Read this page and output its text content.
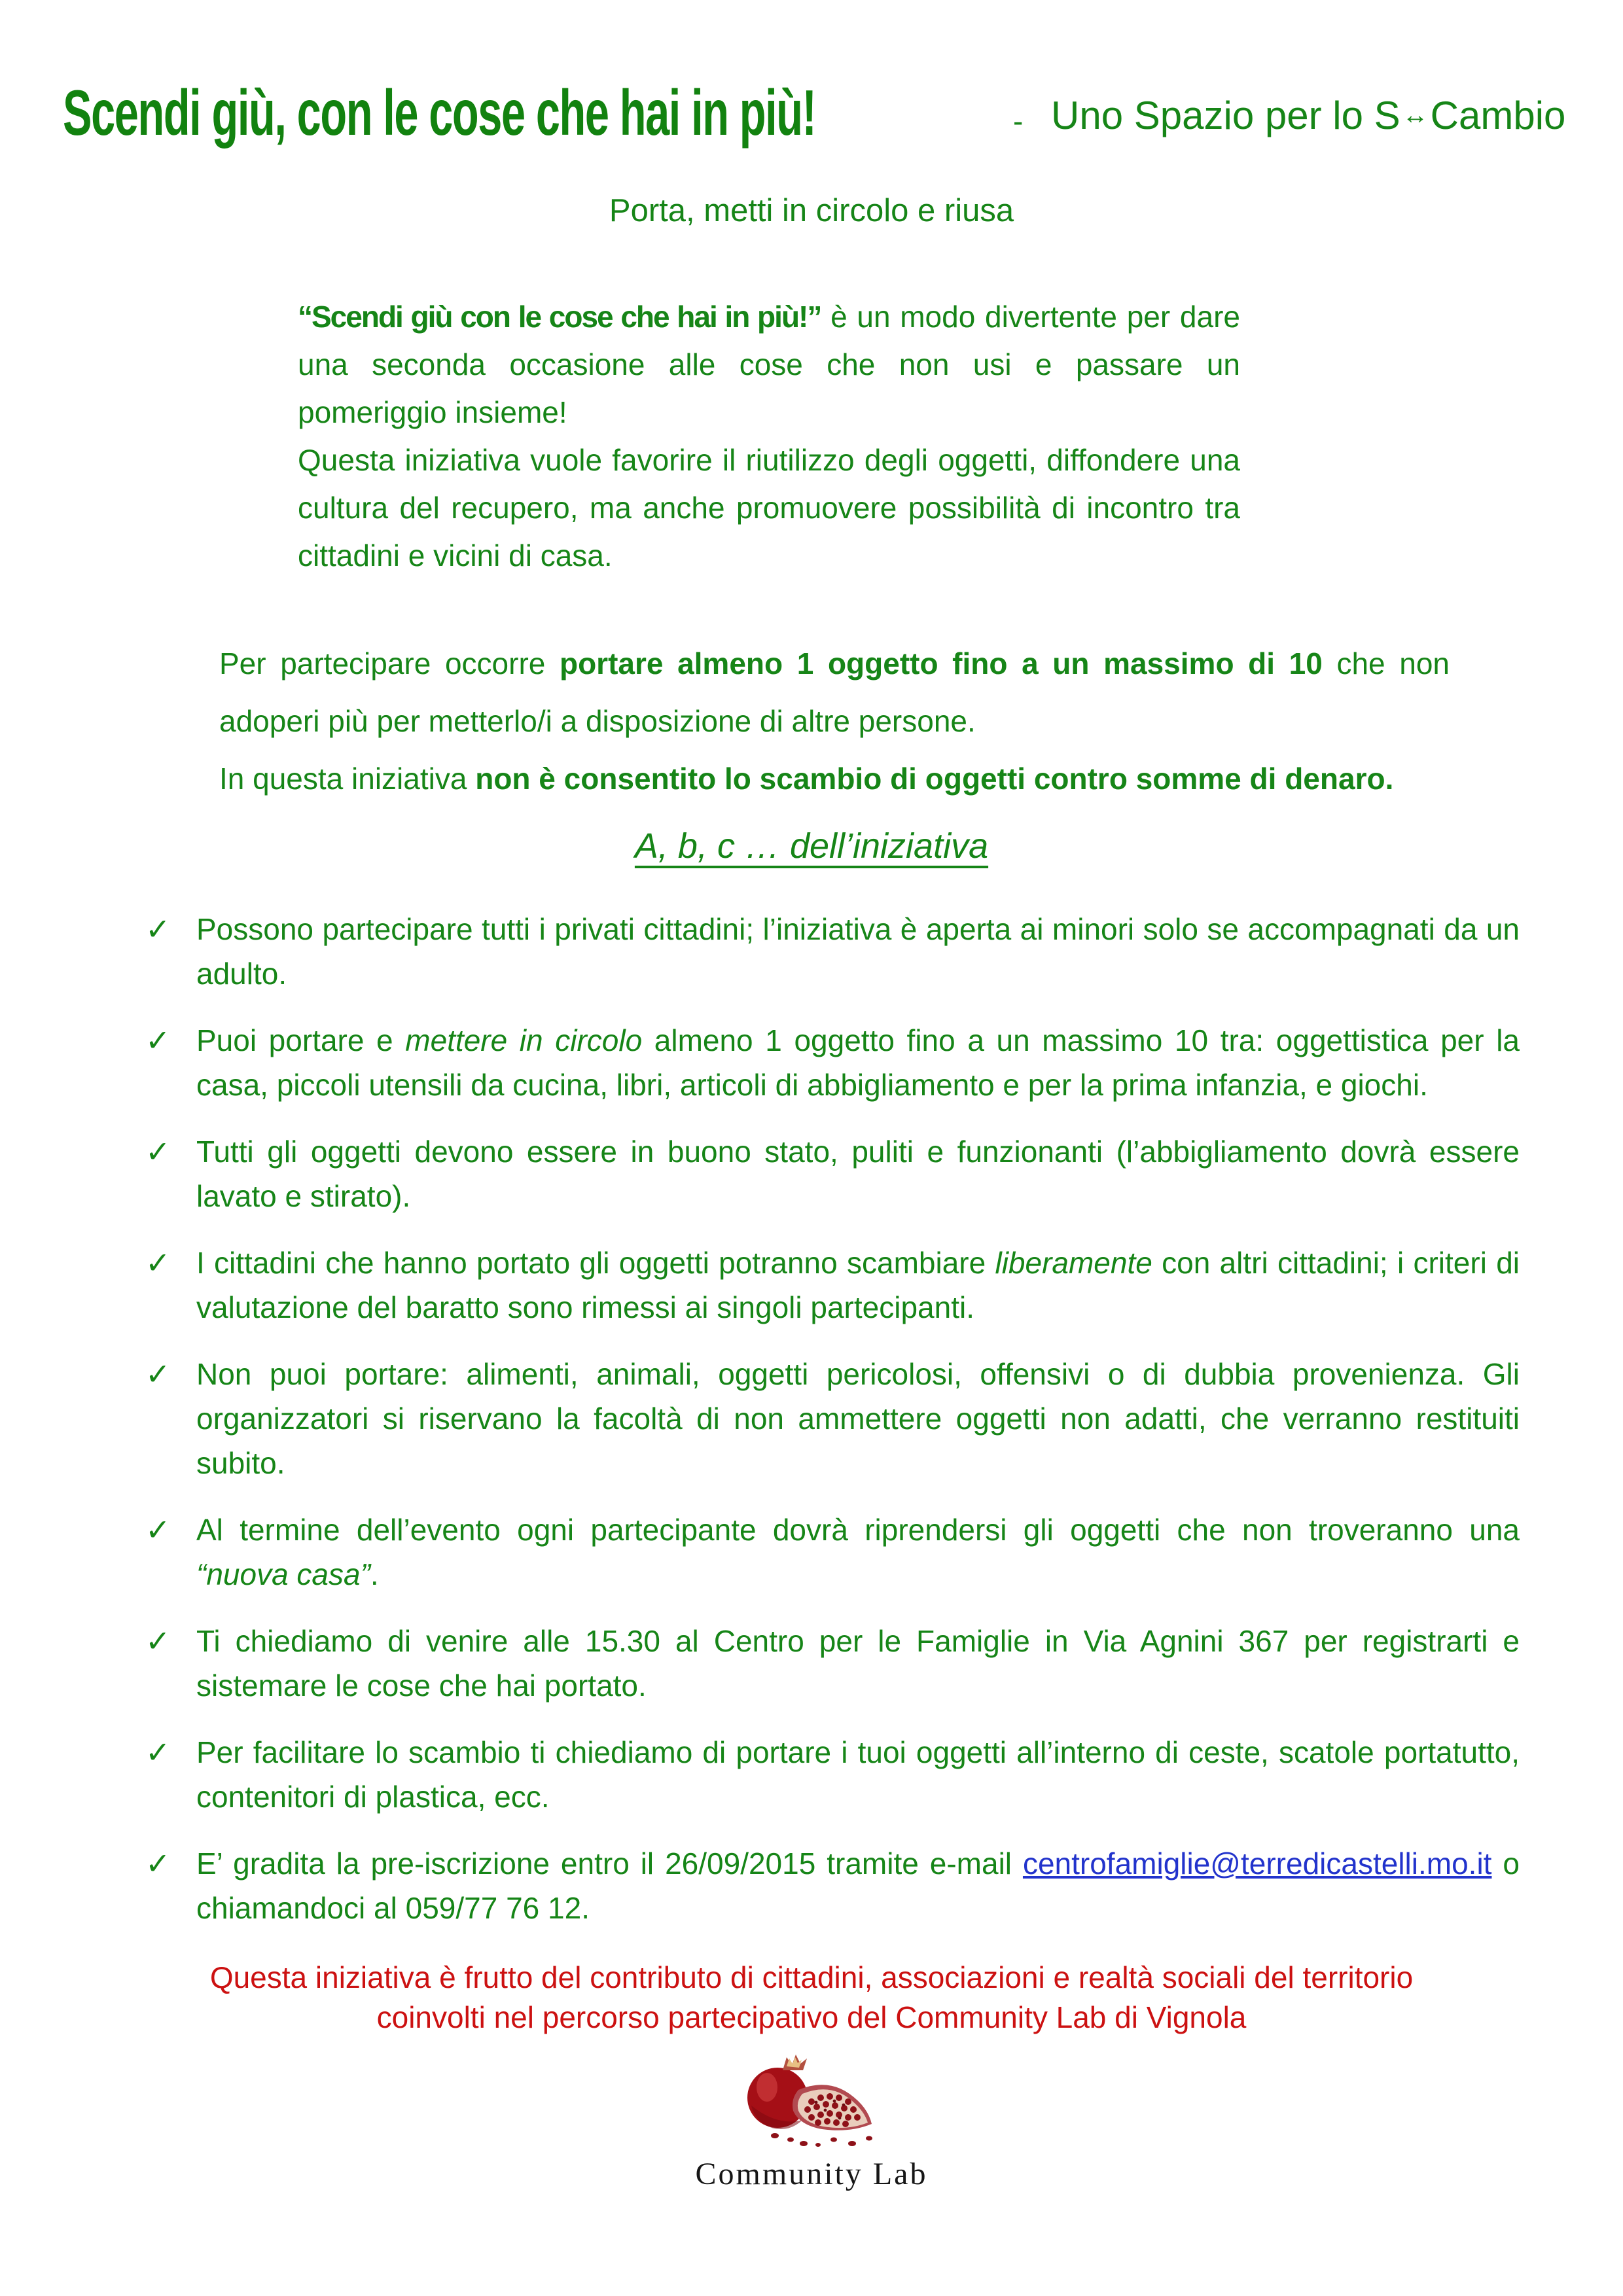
Scendi giù, con le cose che hai in più!	- Uno Spazio per lo S↔Cambio
Porta, metti in circolo e riusa

“Scendi giù con le cose che hai in più!” è un modo divertente per dare una seconda occasione alle cose che non usi e passare un pomeriggio insieme!

Questa iniziativa vuole favorire il riutilizzo degli oggetti, diffondere una cultura del recupero, ma anche promuovere possibilità di incontro tra cittadini e vicini di casa.

Per partecipare occorre portare almeno 1 oggetto fino a un massimo di 10 che non adoperi più per metterlo/i a disposizione di altre persone.

In questa iniziativa non è consentito lo scambio di oggetti contro somme di denaro.

A, b, c … dell’iniziativa
✓ Possono partecipare tutti i privati cittadini; l’iniziativa è aperta ai minori solo se accompagnati da un adulto.
✓ Puoi portare e mettere in circolo almeno 1 oggetto fino a un massimo 10 tra: oggettistica per la casa, piccoli utensili da cucina, libri, articoli di abbigliamento e per la prima infanzia, e giochi.
✓ Tutti gli oggetti devono essere in buono stato, puliti e funzionanti (l’abbigliamento dovrà essere lavato e stirato).
✓ I cittadini che hanno portato gli oggetti potranno scambiare liberamente con altri cittadini; i criteri di valutazione del baratto sono rimessi ai singoli partecipanti.
✓ Non puoi portare: alimenti, animali, oggetti pericolosi, offensivi o di dubbia provenienza. Gli organizzatori si riservano la facoltà di non ammettere oggetti non adatti, che verranno restituiti subito.
✓ Al termine dell’evento ogni partecipante dovrà riprendersi gli oggetti che non troveranno una “nuova casa”.
✓ Ti chiediamo di venire alle 15.30 al Centro per le Famiglie in Via Agnini 367 per registrarti e sistemare le cose che hai portato.
✓ Per facilitare lo scambio ti chiediamo di portare i tuoi oggetti all’interno di ceste, scatole portatutto, contenitori di plastica, ecc.
✓ E’ gradita la pre-iscrizione entro il 26/09/2015 tramite e-mail centrofamiglie@terredicastelli.mo.it o chiamandoci al 059/77 76 12.
Questa iniziativa è frutto del contributo di cittadini, associazioni e realtà sociali del territorio
coinvolti nel percorso partecipativo del Community Lab di Vignola
Community Lab
